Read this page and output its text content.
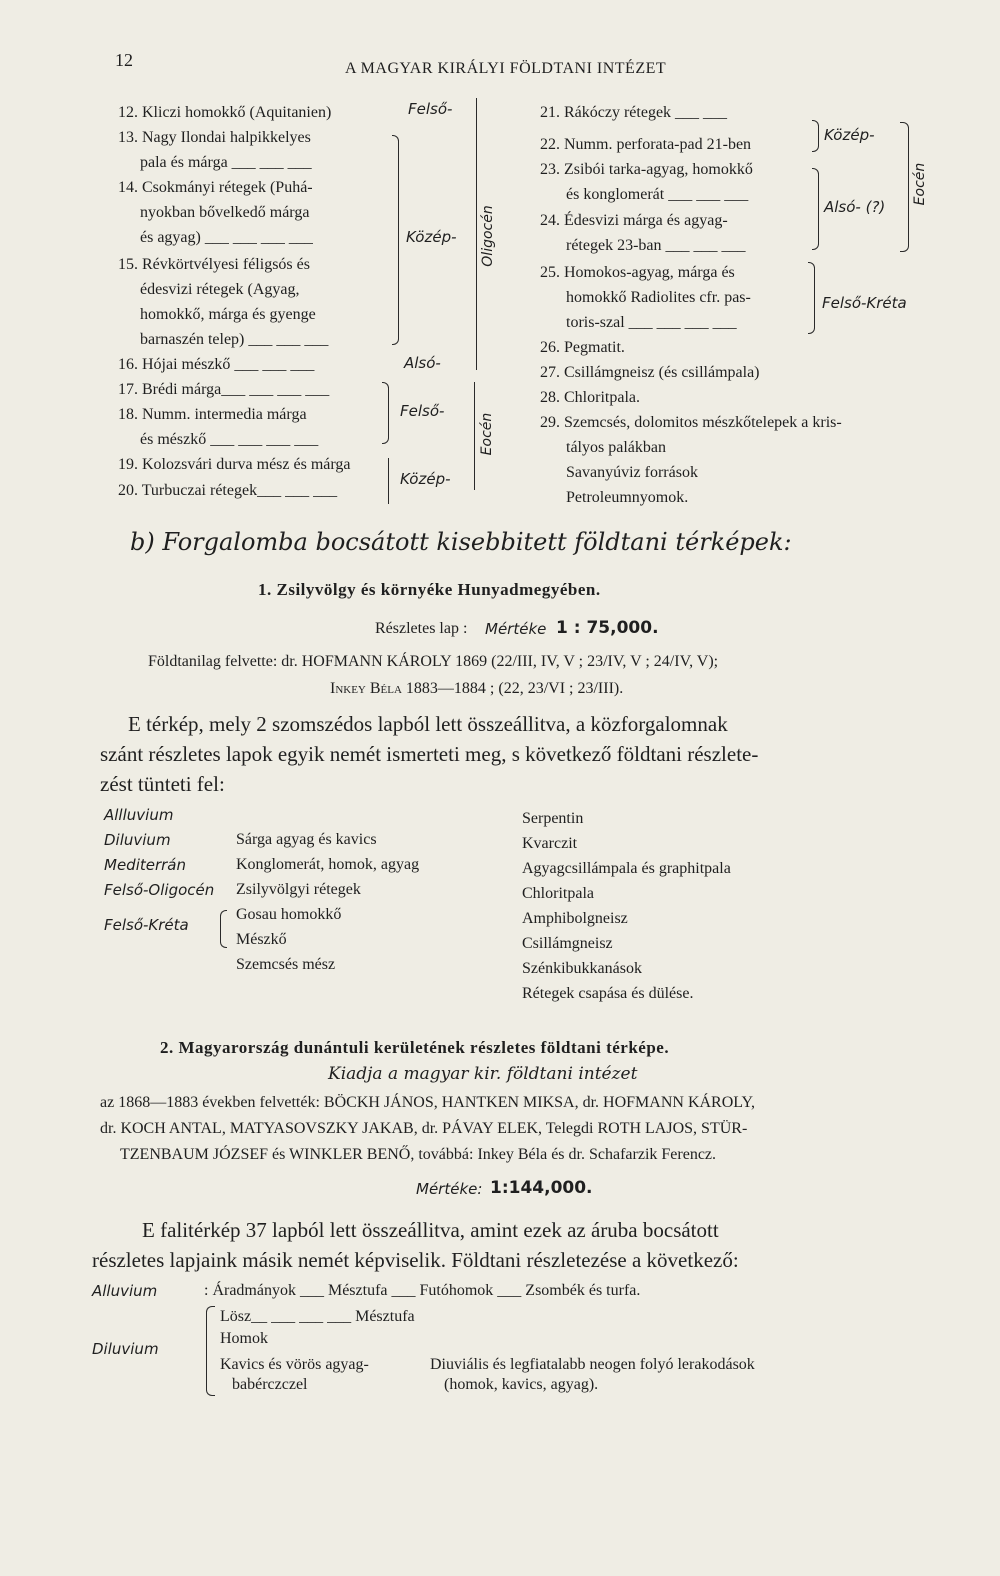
12	A MAGYAR KIRÁLYI FÖLDTANI INTÉZET
12. Kliczi homokkő (Aquitanien)
13. Nagy Ilondai halpikkelyes
pala és márga ___ ___ ___
14. Csokmányi rétegek (Puhá-
nyokban bővelkedő márga
és agyag) ___ ___ ___ ___
15. Révkörtvélyesi féligsós és
édesvizi rétegek (Agyag,
homokkő, márga és gyenge
barnaszén telep) ___ ___ ___
16. Hójai mészkő ___ ___ ___
17. Brédi márga___ ___ ___ ___
18. Numm. intermedia márga
és mészkő ___ ___ ___ ___
19. Kolozsvári durva mész és márga
20. Turbuczai rétegek___ ___ ___
Felső-
Közép-
Alsó-
Felső-
Közép-
Oligocén
Eocén
21. Rákóczy rétegek ___ ___
22. Numm. perforata-pad 21-ben
23. Zsibói tarka-agyag, homokkő
és konglomerát ___ ___ ___
24. Édesvizi márga és agyag-
rétegek 23-ban ___ ___ ___
25. Homokos-agyag, márga és
homokkő Radiolites cfr. pas-
toris-szal ___ ___ ___ ___
26. Pegmatit.
27. Csillámgneisz (és csillámpala)
28. Chloritpala.
29. Szemcsés, dolomitos mészkőtelepek a kris-
tályos palákban
Savanyúviz források
Petroleumnyomok.
Közép-
Alsó- (?)
Eocén
Felső-Kréta
b) Forgalomba bocsátott kisebbitett földtani térképek:
1. Zsilyvölgy és környéke Hunyadmegyében.
Részletes lap : Mértéke 1 : 75,000.
Földtanilag felvette: dr. HOFMANN KÁROLY 1869 (22/III, IV, V ; 23/IV, V ; 24/IV, V);
Inkey Béla 1883—1884 ; (22, 23/VI ; 23/III).
E térkép, mely 2 szomszédos lapból lett összeállitva, a közforgalomnak
szánt részletes lapok egyik nemét ismerteti meg, s következő földtani részlete-
zést tünteti fel:
Allluvium
Diluvium
Mediterrán
Felső-Oligocén
Felső-Kréta
Sárga agyag és kavics
Konglomerát, homok, agyag
Zsilyvölgyi rétegek
Gosau homokkő
Mészkő
Szemcsés mész
Serpentin
Kvarczit
Agyagcsillámpala és graphitpala
Chloritpala
Amphibolgneisz
Csillámgneisz
Szénkibukkanások
Rétegek csapása és dülése.
2. Magyarország dunántuli kerületének részletes földtani térképe.
Kiadja a magyar kir. földtani intézet
az 1868—1883 években felvették: BÖCKH JÁNOS, HANTKEN MIKSA, dr. HOFMANN KÁROLY,
dr. KOCH ANTAL, MATYASOVSZKY JAKAB, dr. PÁVAY ELEK, Telegdi ROTH LAJOS, STÜR-
TZENBAUM JÓZSEF és WINKLER BENŐ, továbbá: Inkey Béla és dr. Schafarzik Ferencz.
Mértéke: 1:144,000.
E falitérkép 37 lapból lett összeállitva, amint ezek az áruba bocsátott
részletes lapjaink másik nemét képviselik. Földtani részletezése a következő:
Alluvium	: Áradmányok ___ Mésztufa ___ Futóhomok ___ Zsombék és turfa.
Diluvium
Lösz__ ___ ___ ___ Mésztufa
Homok
Kavics és vörös agyag-
babérczczel
Diuviális és legfiatalabb neogen folyó lerakodások
(homok, kavics, agyag).
